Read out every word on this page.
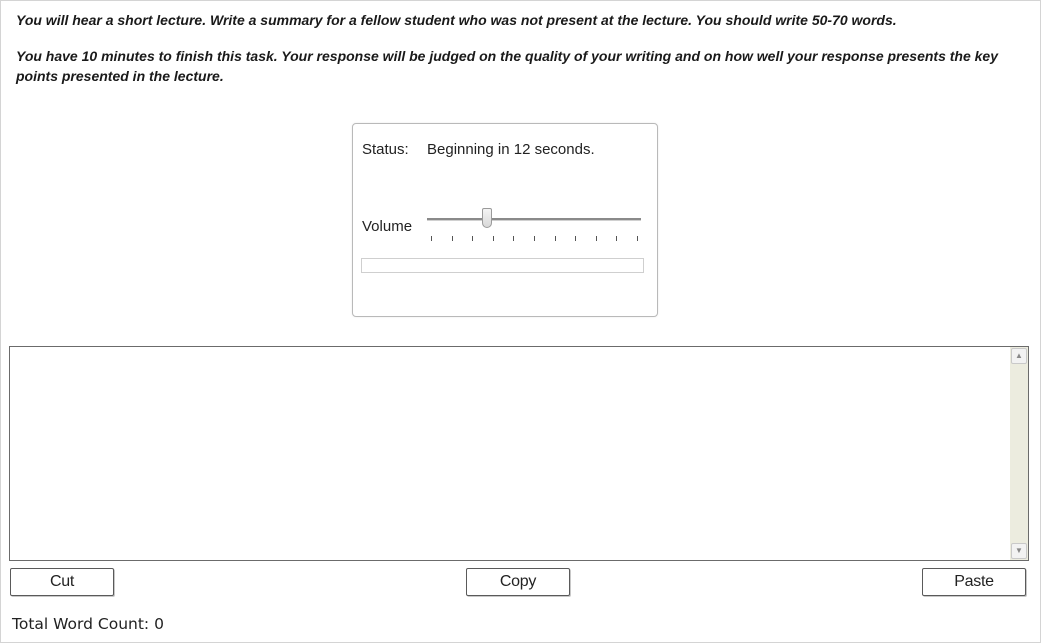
You will hear a short lecture. Write a summary for a fellow student who was not present at the lecture. You should write 50-70 words.
You have 10 minutes to finish this task. Your response will be judged on the quality of your writing and on how well your response presents the key points presented in the lecture.
Status: Beginning in 12 seconds.
Volume
▲
▼
Cut	Copy	Paste
Total Word Count: 0
